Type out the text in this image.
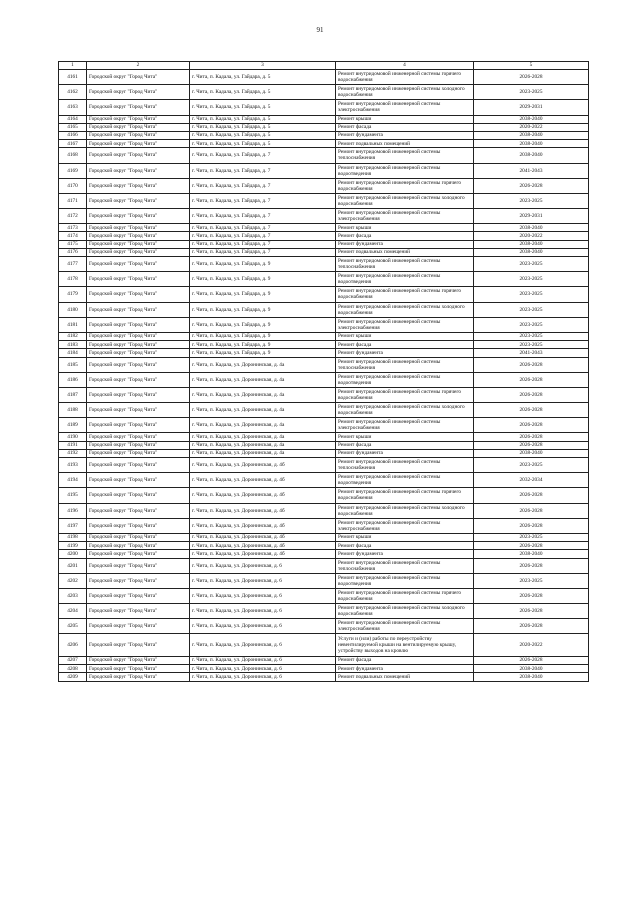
91
1	2	3	4	5
4161	Городской округ "Город Чита"	г. Чита, п. Кадала, ул. Гайдара, д. 5	Ремонт внутридомовой инженерной системы горячего водоснабжения	2026-2028
4162	Городской округ "Город Чита"	г. Чита, п. Кадала, ул. Гайдара, д. 5	Ремонт внутридомовой инженерной системы холодного водоснабжения	2023-2025
4163	Городской округ "Город Чита"	г. Чита, п. Кадала, ул. Гайдара, д. 5	Ремонт внутридомовой инженерной системы электроснабжения	2029-2031
4164	Городской округ "Город Чита"	г. Чита, п. Кадала, ул. Гайдара, д. 5	Ремонт крыши	2038-2040
4165	Городской округ "Город Чита"	г. Чита, п. Кадала, ул. Гайдара, д. 5	Ремонт фасада	2020-2022
4166	Городской округ "Город Чита"	г. Чита, п. Кадала, ул. Гайдара, д. 5	Ремонт фундамента	2038-2040
4167	Городской округ "Город Чита"	г. Чита, п. Кадала, ул. Гайдара, д. 5	Ремонт подвальных помещений	2038-2040
4168	Городской округ "Город Чита"	г. Чита, п. Кадала, ул. Гайдара, д. 7	Ремонт внутридомовой инженерной системы теплоснабжения	2038-2040
4169	Городской округ "Город Чита"	г. Чита, п. Кадала, ул. Гайдара, д. 7	Ремонт внутридомовой инженерной системы водоотведения	2041-2043
4170	Городской округ "Город Чита"	г. Чита, п. Кадала, ул. Гайдара, д. 7	Ремонт внутридомовой инженерной системы горячего водоснабжения	2026-2028
4171	Городской округ "Город Чита"	г. Чита, п. Кадала, ул. Гайдара, д. 7	Ремонт внутридомовой инженерной системы холодного водоснабжения	2023-2025
4172	Городской округ "Город Чита"	г. Чита, п. Кадала, ул. Гайдара, д. 7	Ремонт внутридомовой инженерной системы электроснабжения	2029-2031
4173	Городской округ "Город Чита"	г. Чита, п. Кадала, ул. Гайдара, д. 7	Ремонт крыши	2038-2040
4174	Городской округ "Город Чита"	г. Чита, п. Кадала, ул. Гайдара, д. 7	Ремонт фасада	2020-2022
4175	Городской округ "Город Чита"	г. Чита, п. Кадала, ул. Гайдара, д. 7	Ремонт фундамента	2038-2040
4176	Городской округ "Город Чита"	г. Чита, п. Кадала, ул. Гайдара, д. 7	Ремонт подвальных помещений	2038-2040
4177	Городской округ "Город Чита"	г. Чита, п. Кадала, ул. Гайдара, д. 9	Ремонт внутридомовой инженерной системы теплоснабжения	2023-2025
4178	Городской округ "Город Чита"	г. Чита, п. Кадала, ул. Гайдара, д. 9	Ремонт внутридомовой инженерной системы водоотведения	2023-2025
4179	Городской округ "Город Чита"	г. Чита, п. Кадала, ул. Гайдара, д. 9	Ремонт внутридомовой инженерной системы горячего водоснабжения	2023-2025
4180	Городской округ "Город Чита"	г. Чита, п. Кадала, ул. Гайдара, д. 9	Ремонт внутридомовой инженерной системы холодного водоснабжения	2023-2025
4181	Городской округ "Город Чита"	г. Чита, п. Кадала, ул. Гайдара, д. 9	Ремонт внутридомовой инженерной системы электроснабжения	2023-2025
4182	Городской округ "Город Чита"	г. Чита, п. Кадала, ул. Гайдара, д. 9	Ремонт крыши	2023-2025
4183	Городской округ "Город Чита"	г. Чита, п. Кадала, ул. Гайдара, д. 9	Ремонт фасада	2023-2025
4184	Городской округ "Город Чита"	г. Чита, п. Кадала, ул. Гайдара, д. 9	Ремонт фундамента	2041-2043
4185	Городской округ "Город Чита"	г. Чита, п. Кадала, ул. Доронинская, д. 4а	Ремонт внутридомовой инженерной системы теплоснабжения	2026-2028
4186	Городской округ "Город Чита"	г. Чита, п. Кадала, ул. Доронинская, д. 4а	Ремонт внутридомовой инженерной системы водоотведения	2026-2028
4187	Городской округ "Город Чита"	г. Чита, п. Кадала, ул. Доронинская, д. 4а	Ремонт внутридомовой инженерной системы горячего водоснабжения	2026-2028
4188	Городской округ "Город Чита"	г. Чита, п. Кадала, ул. Доронинская, д. 4а	Ремонт внутридомовой инженерной системы холодного водоснабжения	2026-2028
4189	Городской округ "Город Чита"	г. Чита, п. Кадала, ул. Доронинская, д. 4а	Ремонт внутридомовой инженерной системы электроснабжения	2026-2028
4190	Городской округ "Город Чита"	г. Чита, п. Кадала, ул. Доронинская, д. 4а	Ремонт крыши	2026-2028
4191	Городской округ "Город Чита"	г. Чита, п. Кадала, ул. Доронинская, д. 4а	Ремонт фасада	2026-2028
4192	Городской округ "Город Чита"	г. Чита, п. Кадала, ул. Доронинская, д. 4а	Ремонт фундамента	2038-2040
4193	Городской округ "Город Чита"	г. Чита, п. Кадала, ул. Доронинская, д. 4б	Ремонт внутридомовой инженерной системы теплоснабжения	2023-2025
4194	Городской округ "Город Чита"	г. Чита, п. Кадала, ул. Доронинская, д. 4б	Ремонт внутридомовой инженерной системы водоотведения	2032-2034
4195	Городской округ "Город Чита"	г. Чита, п. Кадала, ул. Доронинская, д. 4б	Ремонт внутридомовой инженерной системы горячего водоснабжения	2026-2028
4196	Городской округ "Город Чита"	г. Чита, п. Кадала, ул. Доронинская, д. 4б	Ремонт внутридомовой инженерной системы холодного водоснабжения	2026-2028
4197	Городской округ "Город Чита"	г. Чита, п. Кадала, ул. Доронинская, д. 4б	Ремонт внутридомовой инженерной системы электроснабжения	2026-2028
4198	Городской округ "Город Чита"	г. Чита, п. Кадала, ул. Доронинская, д. 4б	Ремонт крыши	2023-2025
4199	Городской округ "Город Чита"	г. Чита, п. Кадала, ул. Доронинская, д. 4б	Ремонт фасада	2026-2028
4200	Городской округ "Город Чита"	г. Чита, п. Кадала, ул. Доронинская, д. 4б	Ремонт фундамента	2038-2040
4201	Городской округ "Город Чита"	г. Чита, п. Кадала, ул. Доронинская, д. 6	Ремонт внутридомовой инженерной системы теплоснабжения	2026-2028
4202	Городской округ "Город Чита"	г. Чита, п. Кадала, ул. Доронинская, д. 6	Ремонт внутридомовой инженерной системы водоотведения	2023-2025
4203	Городской округ "Город Чита"	г. Чита, п. Кадала, ул. Доронинская, д. 6	Ремонт внутридомовой инженерной системы горячего водоснабжения	2026-2028
4204	Городской округ "Город Чита"	г. Чита, п. Кадала, ул. Доронинская, д. 6	Ремонт внутридомовой инженерной системы холодного водоснабжения	2026-2028
4205	Городской округ "Город Чита"	г. Чита, п. Кадала, ул. Доронинская, д. 6	Ремонт внутридомовой инженерной системы электроснабжения	2026-2028
4206	Городской округ "Город Чита"	г. Чита, п. Кадала, ул. Доронинская, д. 6	Услуги и (или) работы по переустройству невентилируемой крыши на вентилируемую крышу, устройству выходов на кровлю	2020-2022
4207	Городской округ "Город Чита"	г. Чита, п. Кадала, ул. Доронинская, д. 6	Ремонт фасада	2026-2028
4208	Городской округ "Город Чита"	г. Чита, п. Кадала, ул. Доронинская, д. 6	Ремонт фундамента	2038-2040
4209	Городской округ "Город Чита"	г. Чита, п. Кадала, ул. Доронинская, д. 6	Ремонт подвальных помещений	2038-2040
